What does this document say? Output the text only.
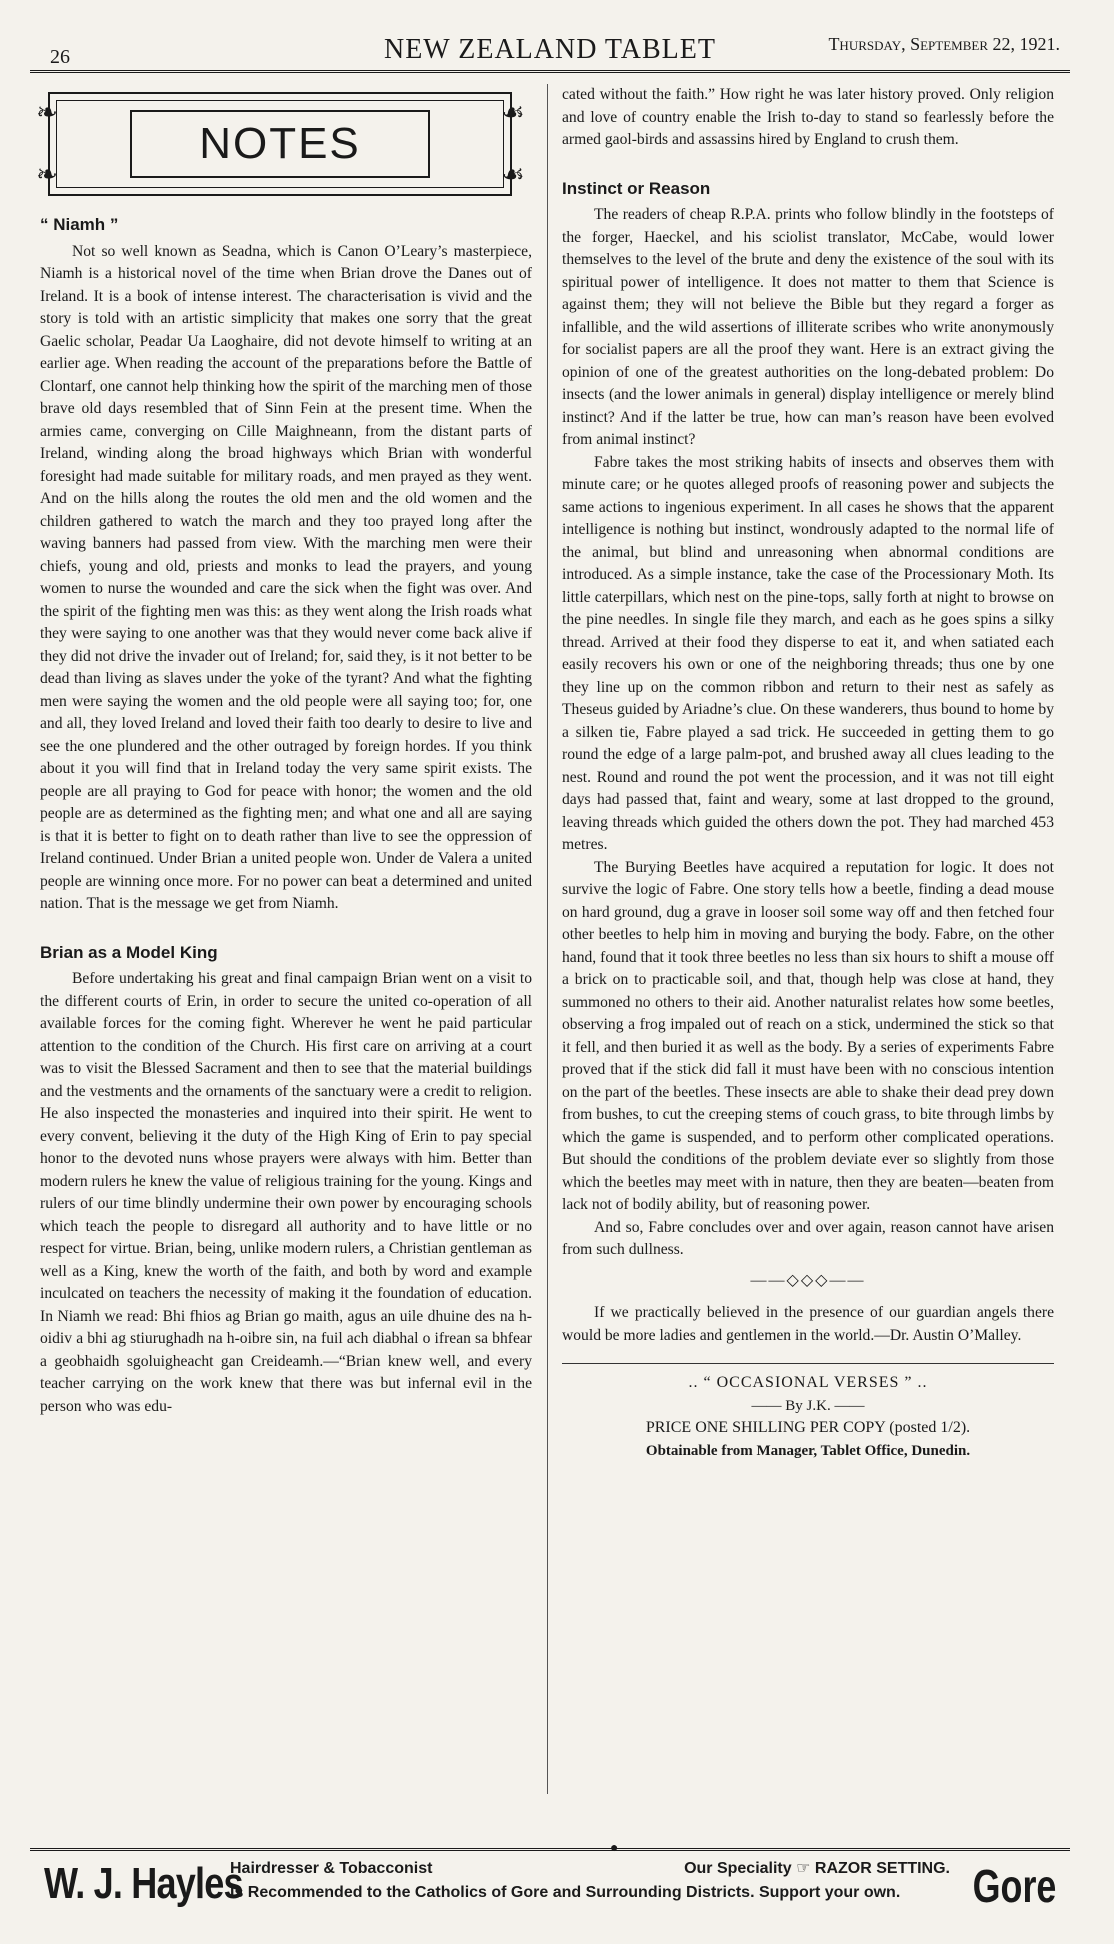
26	NEW ZEALAND TABLET	Thursday, September 22, 1921.
❧
❧
NOTES
☙
☙
“ Niamh ”

Not so well known as Seadna, which is Canon O’Leary’s masterpiece, Niamh is a historical novel of the time when Brian drove the Danes out of Ireland. It is a book of intense interest. The characterisation is vivid and the story is told with an artistic simplicity that makes one sorry that the great Gaelic scholar, Peadar Ua Laoghaire, did not devote himself to writing at an earlier age. When reading the account of the preparations before the Battle of Clontarf, one cannot help thinking how the spirit of the marching men of those brave old days resembled that of Sinn Fein at the present time. When the armies came, converging on Cille Maighneann, from the distant parts of Ireland, winding along the broad highways which Brian with wonderful foresight had made suitable for military roads, and men prayed as they went. And on the hills along the routes the old men and the old women and the children gathered to watch the march and they too prayed long after the waving banners had passed from view. With the marching men were their chiefs, young and old, priests and monks to lead the prayers, and young women to nurse the wounded and care the sick when the fight was over. And the spirit of the fighting men was this: as they went along the Irish roads what they were saying to one another was that they would never come back alive if they did not drive the invader out of Ireland; for, said they, is it not better to be dead than living as slaves under the yoke of the tyrant? And what the fighting men were saying the women and the old people were all saying too; for, one and all, they loved Ireland and loved their faith too dearly to desire to live and see the one plundered and the other outraged by foreign hordes. If you think about it you will find that in Ireland today the very same spirit exists. The people are all praying to God for peace with honor; the women and the old people are as determined as the fighting men; and what one and all are saying is that it is better to fight on to death rather than live to see the oppression of Ireland continued. Under Brian a united people won. Under de Valera a united people are winning once more. For no power can beat a determined and united nation. That is the message we get from Niamh.

Brian as a Model King

Before undertaking his great and final campaign Brian went on a visit to the different courts of Erin, in order to secure the united co-operation of all available forces for the coming fight. Wherever he went he paid particular attention to the condition of the Church. His first care on arriving at a court was to visit the Blessed Sacrament and then to see that the material buildings and the vestments and the ornaments of the sanctuary were a credit to religion. He also inspected the monasteries and inquired into their spirit. He went to every convent, believing it the duty of the High King of Erin to pay special honor to the devoted nuns whose prayers were always with him. Better than modern rulers he knew the value of religious training for the young. Kings and rulers of our time blindly undermine their own power by encouraging schools which teach the people to disregard all authority and to have little or no respect for virtue. Brian, being, unlike modern rulers, a Christian gentleman as well as a King, knew the worth of the faith, and both by word and example inculcated on teachers the necessity of making it the foundation of education. In Niamh we read: Bhi fhios ag Brian go maith, agus an uile dhuine des na h-oidiv a bhi ag stiurughadh na h-oibre sin, na fuil ach diabhal o ifrean sa bhfear a geobhaidh sgoluigheacht gan Creideamh.—“Brian knew well, and every teacher carrying on the work knew that there was but infernal evil in the person who was edu-

cated without the faith.” How right he was later history proved. Only religion and love of country enable the Irish to-day to stand so fearlessly before the armed gaol-birds and assassins hired by England to crush them.

Instinct or Reason

The readers of cheap R.P.A. prints who follow blindly in the footsteps of the forger, Haeckel, and his sciolist translator, McCabe, would lower themselves to the level of the brute and deny the existence of the soul with its spiritual power of intelligence. It does not matter to them that Science is against them; they will not believe the Bible but they regard a forger as infallible, and the wild assertions of illiterate scribes who write anonymously for socialist papers are all the proof they want. Here is an extract giving the opinion of one of the greatest authorities on the long-debated problem: Do insects (and the lower animals in general) display intelligence or merely blind instinct? And if the latter be true, how can man’s reason have been evolved from animal instinct?

Fabre takes the most striking habits of insects and observes them with minute care; or he quotes alleged proofs of reasoning power and subjects the same actions to ingenious experiment. In all cases he shows that the apparent intelligence is nothing but instinct, wondrously adapted to the normal life of the animal, but blind and unreasoning when abnormal conditions are introduced. As a simple instance, take the case of the Processionary Moth. Its little caterpillars, which nest on the pine-tops, sally forth at night to browse on the pine needles. In single file they march, and each as he goes spins a silky thread. Arrived at their food they disperse to eat it, and when satiated each easily recovers his own or one of the neighboring threads; thus one by one they line up on the common ribbon and return to their nest as safely as Theseus guided by Ariadne’s clue. On these wanderers, thus bound to home by a silken tie, Fabre played a sad trick. He succeeded in getting them to go round the edge of a large palm-pot, and brushed away all clues leading to the nest. Round and round the pot went the procession, and it was not till eight days had passed that, faint and weary, some at last dropped to the ground, leaving threads which guided the others down the pot. They had marched 453 metres.

The Burying Beetles have acquired a reputation for logic. It does not survive the logic of Fabre. One story tells how a beetle, finding a dead mouse on hard ground, dug a grave in looser soil some way off and then fetched four other beetles to help him in moving and burying the body. Fabre, on the other hand, found that it took three beetles no less than six hours to shift a mouse off a brick on to practicable soil, and that, though help was close at hand, they summoned no others to their aid. Another naturalist relates how some beetles, observing a frog impaled out of reach on a stick, undermined the stick so that it fell, and then buried it as well as the body. By a series of experiments Fabre proved that if the stick did fall it must have been with no conscious intention on the part of the beetles. These insects are able to shake their dead prey down from bushes, to cut the creeping stems of couch grass, to bite through limbs by which the game is suspended, and to perform other complicated operations. But should the conditions of the problem deviate ever so slightly from those which the beetles may meet with in nature, then they are beaten—beaten from lack not of bodily ability, but of reasoning power.

And so, Fabre concludes over and over again, reason cannot have arisen from such dullness.

——◇◇◇——

If we practically believed in the presence of our guardian angels there would be more ladies and gentlemen in the world.—Dr. Austin O’Malley.

.. “ OCCASIONAL VERSES ” ..
—— By J.K. ——
PRICE ONE SHILLING PER COPY (posted 1/2).
Obtainable from Manager, Tablet Office, Dunedin.
●
W. J. Hayles
Hairdresser & Tobacconist	Our Speciality ☞ RAZOR SETTING.
Is Recommended to the Catholics of Gore and Surrounding Districts. Support your own.	Gore
